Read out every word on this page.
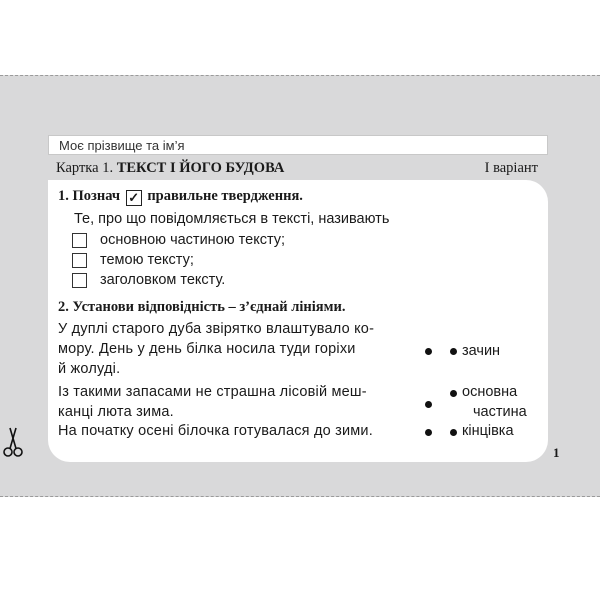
Моє прізвище та ім’я
Картка 1. ТЕКСТ І ЙОГО БУДОВА	І варіант
1. Познач ✓ правильне твердження.
Те, про що повідомляється в тексті, називають
основною частиною тексту;
темою тексту;
заголовком тексту.
2. Установи відповідність – з’єднай лініями.
У дуплі старого дуба звірятко влаштувало ко-
мору. День у день білка носила туди горіхи
й жолуді.
Із такими запасами не страшна лісовій меш-
канці люта зима.
На початку осені білочка готувалася до зими.
зачин
основна
частина
кінцівка
1
